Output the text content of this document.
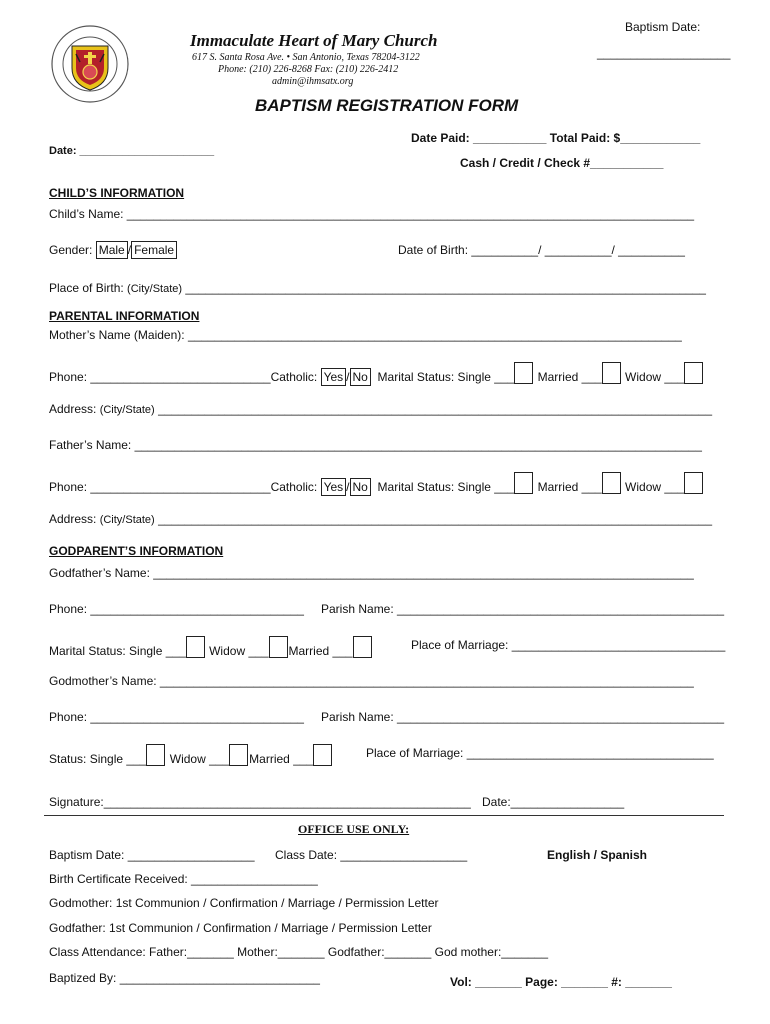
Immaculate Heart of Mary Church
617 S. Santa Rosa Ave. • San Antonio, Texas 78204-3122
Phone: (210) 226-8268 Fax: (210) 226-2412
admin@ihmsatx.org
Baptism Date:
____________________
BAPTISM REGISTRATION FORM
Date Paid: ___________ Total Paid: $____________
Date: ______________________
Cash / Credit / Check #___________
CHILD’S INFORMATION
Child’s Name: _____________________________________________________________________________________
Gender: Male / Female	Date of Birth: __________/ __________/ __________
Place of Birth: (City/State) ______________________________________________________________________________
PARENTAL INFORMATION
Mother’s Name (Maiden): __________________________________________________________________________
Phone: ___________________________Catholic: Yes / No Marital Status: Single ___ Married ___ Widow ___
Address: (City/State) ___________________________________________________________________________________
Father’s Name: _____________________________________________________________________________________
Phone: ___________________________Catholic: Yes / No Marital Status: Single ___ Married ___ Widow ___
Address: (City/State) ___________________________________________________________________________________
GODPARENT’S INFORMATION
Godfather’s Name: _________________________________________________________________________________
Phone: ________________________________ Parish Name: _________________________________________________
Marital Status: Single ___ Widow ___ Married ___	Place of Marriage: ________________________________
Godmother’s Name: ________________________________________________________________________________
Phone: ________________________________ Parish Name: _________________________________________________
Status: Single ___ Widow ___ Married ___	Place of Marriage: _____________________________________
Signature:_______________________________________________________ Date:_________________
OFFICE USE ONLY:
Baptism Date: ___________________ Class Date: ___________________	English / Spanish
Birth Certificate Received: ___________________
Godmother: 1st Communion / Confirmation / Marriage / Permission Letter
Godfather: 1st Communion / Confirmation / Marriage / Permission Letter
Class Attendance: Father:_______ Mother:_______ Godfather:_______ God mother:_______
Baptized By: ______________________________	Vol: _______ Page: _______ #: _______
